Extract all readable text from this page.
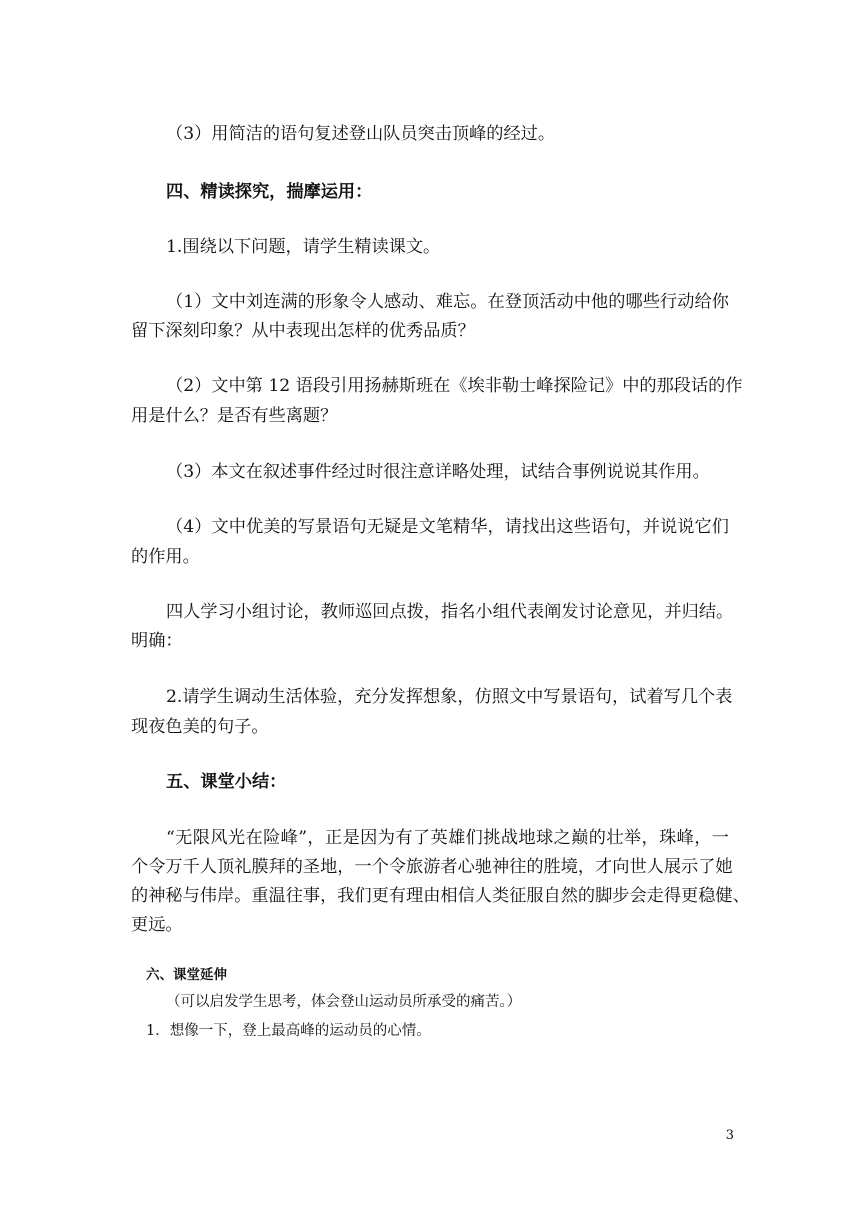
（3）用简洁的语句复述登山队员突击顶峰的经过。
四、精读探究，揣摩运用：
1.围绕以下问题，请学生精读课文。
（1）文中刘连满的形象令人感动、难忘。在登顶活动中他的哪些行动给你
留下深刻印象？从中表现出怎样的优秀品质？
（2）文中第 12 语段引用扬赫斯班在《埃非勒士峰探险记》中的那段话的作
用是什么？是否有些离题？
（3）本文在叙述事件经过时很注意详略处理，试结合事例说说其作用。
（4）文中优美的写景语句无疑是文笔精华，请找出这些语句，并说说它们
的作用。
四人学习小组讨论，教师巡回点拨，指名小组代表阐发讨论意见，并归结。
明确：
2.请学生调动生活体验，充分发挥想象，仿照文中写景语句，试着写几个表
现夜色美的句子。
五、课堂小结：
“无限风光在险峰”，正是因为有了英雄们挑战地球之巅的壮举，珠峰，一
个令万千人顶礼膜拜的圣地，一个令旅游者心驰神往的胜境，才向世人展示了她
的神秘与伟岸。重温往事，我们更有理由相信人类征服自然的脚步会走得更稳健、
更远。
六、课堂延伸
（可以启发学生思考，体会登山运动员所承受的痛苦。）
1．想像一下，登上最高峰的运动员的心情。
3
